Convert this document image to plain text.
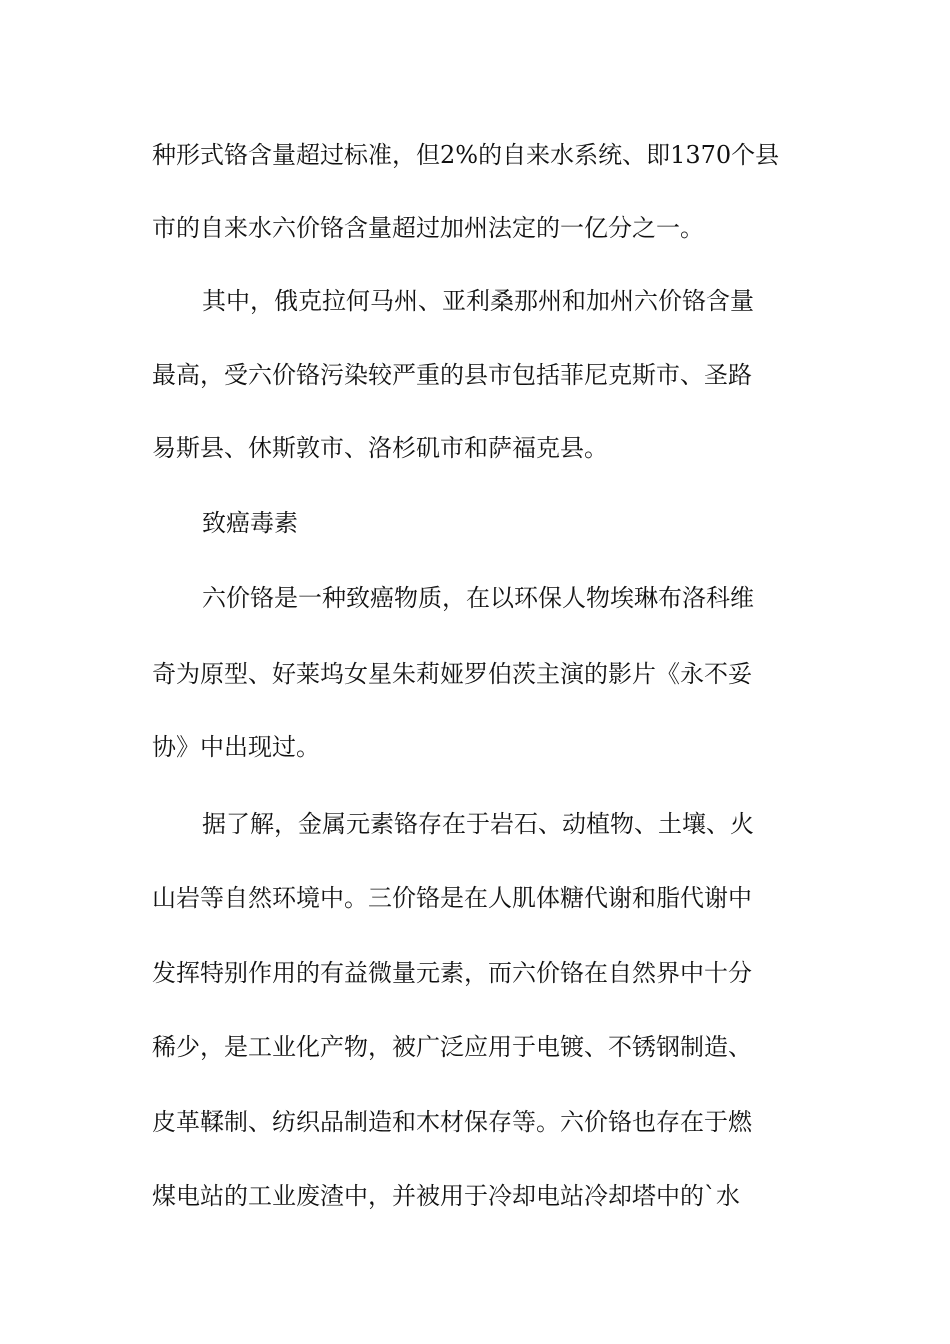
种形式铬含量超过标准，但2%的自来水系统、即1370个县
市的自来水六价铬含量超过加州法定的一亿分之一。
其中，俄克拉何马州、亚利桑那州和加州六价铬含量
最高，受六价铬污染较严重的县市包括菲尼克斯市、圣路
易斯县、休斯敦市、洛杉矶市和萨福克县。
致癌毒素
六价铬是一种致癌物质，在以环保人物埃琳布洛科维
奇为原型、好莱坞女星朱莉娅罗伯茨主演的影片《永不妥
协》中出现过。
据了解，金属元素铬存在于岩石、动植物、土壤、火
山岩等自然环境中。三价铬是在人肌体糖代谢和脂代谢中
发挥特别作用的有益微量元素，而六价铬在自然界中十分
稀少，是工业化产物，被广泛应用于电镀、不锈钢制造、
皮革鞣制、纺织品制造和木材保存等。六价铬也存在于燃
煤电站的工业废渣中，并被用于冷却电站冷却塔中的`水
